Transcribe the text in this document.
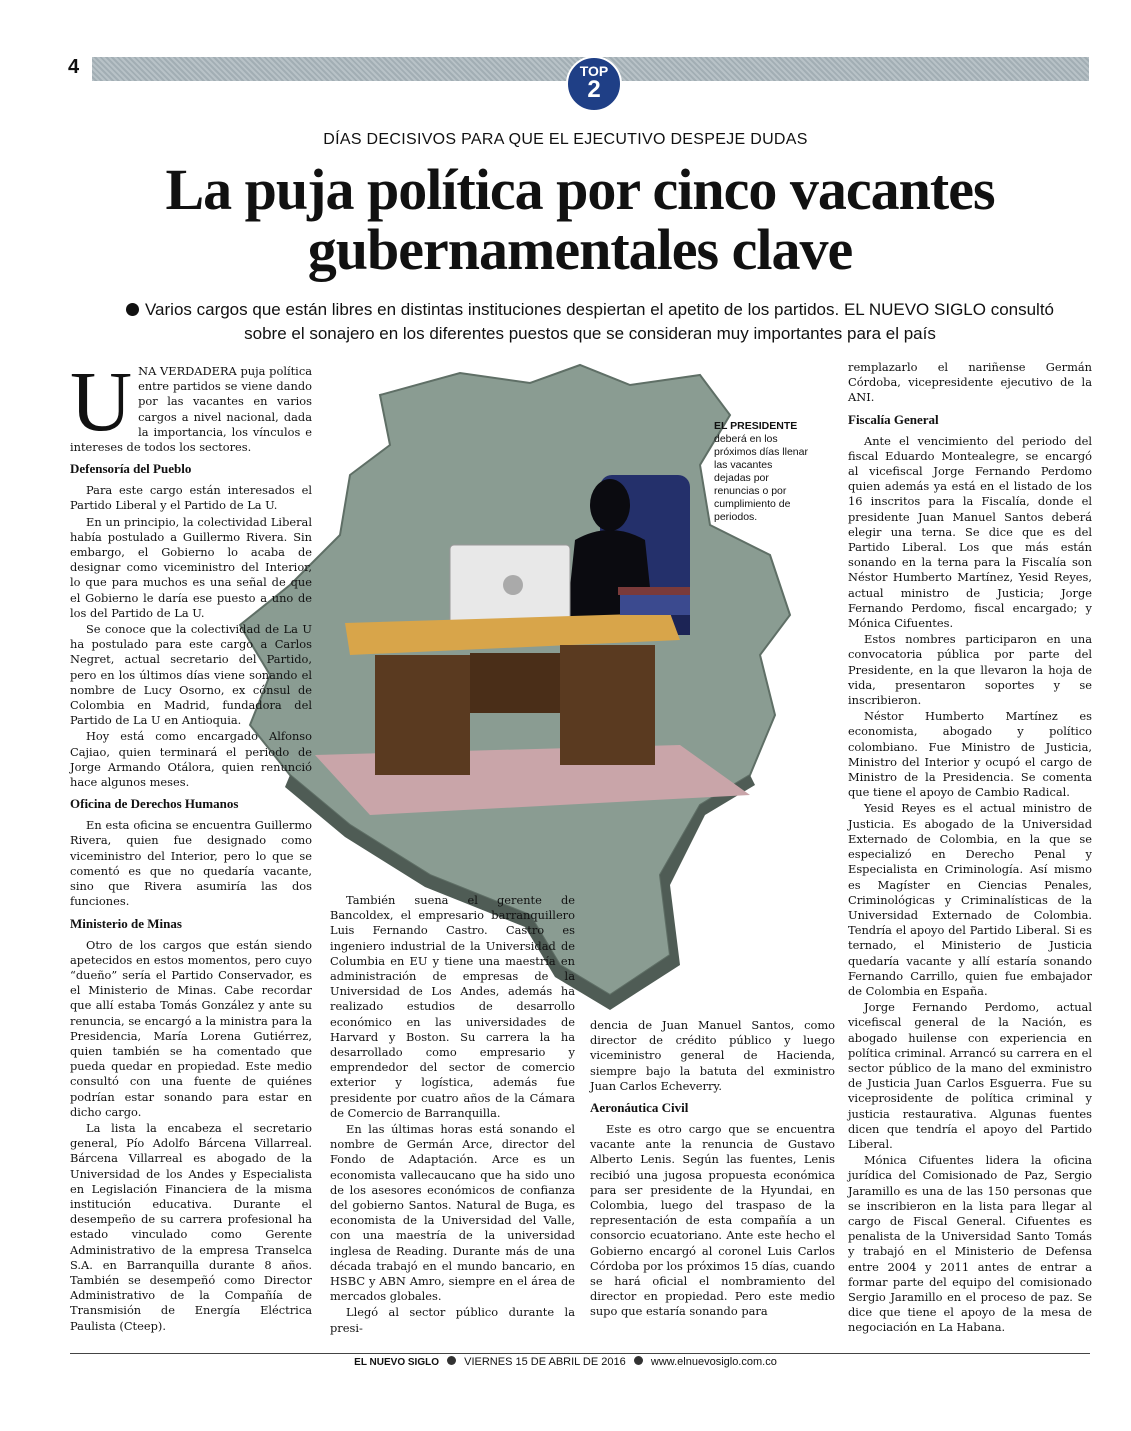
4	TOP
2
DÍAS DECISIVOS PARA QUE EL EJECUTIVO DESPEJE DUDAS
La puja política por cinco vacantes
gubernamentales clave
Varios cargos que están libres en distintas instituciones despiertan el apetito de los partidos. EL NUEVO SIGLO consultó
sobre el sonajero en los diferentes puestos que se consideran muy importantes para el país
EL PRESIDENTE
deberá en los próximos días llenar las vacantes dejadas por renuncias o por cumplimiento de periodos.

UNA VERDADERA puja política entre partidos se viene dando por las vacantes en varios cargos a nivel nacional, dada la importancia, los vínculos e intereses de todos los sectores.

Defensoría del Pueblo

Para este cargo están interesados el Partido Liberal y el Partido de La U.

En un principio, la colectividad Liberal había postulado a Guillermo Rivera. Sin embargo, el Gobierno lo acaba de designar como viceministro del Interior, lo que para muchos es una señal de que el Gobierno le daría ese puesto a uno de los del Partido de La U.

Se conoce que la colectividad de La U ha postulado para este cargo a Carlos Negret, actual secretario del Partido, pero en los últimos días viene sonando el nombre de Lucy Osorno, ex cónsul de Colombia en Madrid, fundadora del Partido de La U en Antioquia.

Hoy está como encargado Alfonso Cajiao, quien terminará el periodo de Jorge Armando Otálora, quien renunció hace algunos meses.

Oficina de Derechos Humanos

En esta oficina se encuentra Guillermo Rivera, quien fue designado como viceministro del Interior, pero lo que se comentó es que no quedaría vacante, sino que Rivera asumiría las dos funciones.

Ministerio de Minas

Otro de los cargos que están siendo apetecidos en estos momentos, pero cuyo “dueño” sería el Partido Conservador, es el Ministerio de Minas. Cabe recordar que allí estaba Tomás González y ante su renuncia, se encargó a la ministra para la Presidencia, María Lorena Gutiérrez, quien también se ha comentado que pueda quedar en propiedad. Este medio consultó con una fuente de quiénes podrían estar sonando para estar en dicho cargo.

La lista la encabeza el secretario general, Pío Adolfo Bárcena Villarreal. Bárcena Villarreal es abogado de la Universidad de los Andes y Especialista en Legislación Financiera de la misma institución educativa. Durante el desempeño de su carrera profesional ha estado vinculado como Gerente Administrativo de la empresa Transelca S.A. en Barranquilla durante 8 años. También se desempeñó como Director Administrativo de la Compañía de Transmisión de Energía Eléctrica Paulista (Cteep).

También suena el gerente de Bancoldex, el empresario barranquillero Luis Fernando Castro. Castro es ingeniero industrial de la Universidad de Columbia en EU y tiene una maestría en administración de empresas de la Universidad de Los Andes, además ha realizado estudios de desarrollo económico en las universidades de Harvard y Boston. Su carrera la ha desarrollado como empresario y emprendedor del sector de comercio exterior y logística, además fue presidente por cuatro años de la Cámara de Comercio de Barranquilla.

En las últimas horas está sonando el nombre de Germán Arce, director del Fondo de Adaptación. Arce es un economista vallecaucano que ha sido uno de los asesores económicos de confianza del gobierno Santos. Natural de Buga, es economista de la Universidad del Valle, con una maestría de la universidad inglesa de Reading. Durante más de una década trabajó en el mundo bancario, en HSBC y ABN Amro, siempre en el área de mercados globales.

Llegó al sector público durante la presi-

dencia de Juan Manuel Santos, como director de crédito público y luego viceministro general de Hacienda, siempre bajo la batuta del exministro Juan Carlos Echeverry.

Aeronáutica Civil

Este es otro cargo que se encuentra vacante ante la renuncia de Gustavo Alberto Lenis. Según las fuentes, Lenis recibió una jugosa propuesta económica para ser presidente de la Hyundai, en Colombia, luego del traspaso de la representación de esta compañía a un consorcio ecuatoriano. Ante este hecho el Gobierno encargó al coronel Luis Carlos Córdoba por los próximos 15 días, cuando se hará oficial el nombramiento del director en propiedad. Pero este medio supo que estaría sonando para

remplazarlo el nariñense Germán Córdoba, vicepresidente ejecutivo de la ANI.

Fiscalía General

Ante el vencimiento del periodo del fiscal Eduardo Montealegre, se encargó al vicefiscal Jorge Fernando Perdomo quien además ya está en el listado de los 16 inscritos para la Fiscalía, donde el presidente Juan Manuel Santos deberá elegir una terna. Se dice que es del Partido Liberal. Los que más están sonando en la terna para la Fiscalía son Néstor Humberto Martínez, Yesid Reyes, actual ministro de Justicia; Jorge Fernando Perdomo, fiscal encargado; y Mónica Cifuentes.

Estos nombres participaron en una convocatoria pública por parte del Presidente, en la que llevaron la hoja de vida, presentaron soportes y se inscribieron.

Néstor Humberto Martínez es economista, abogado y político colombiano. Fue Ministro de Justicia, Ministro del Interior y ocupó el cargo de Ministro de la Presidencia. Se comenta que tiene el apoyo de Cambio Radical.

Yesid Reyes es el actual ministro de Justicia. Es abogado de la Universidad Externado de Colombia, en la que se especializó en Derecho Penal y Especialista en Criminología. Así mismo es Magíster en Ciencias Penales, Criminológicas y Criminalísticas de la Universidad Externado de Colombia. Tendría el apoyo del Partido Liberal. Si es ternado, el Ministerio de Justicia quedaría vacante y allí estaría sonando Fernando Carrillo, quien fue embajador de Colombia en España.

Jorge Fernando Perdomo, actual vicefiscal general de la Nación, es abogado huilense con experiencia en política criminal. Arrancó su carrera en el sector público de la mano del exministro de Justicia Juan Carlos Esguerra. Fue su viceprosidente de política criminal y justicia restaurativa. Algunas fuentes dicen que tendría el apoyo del Partido Liberal.

Mónica Cifuentes lidera la oficina jurídica del Comisionado de Paz, Sergio Jaramillo es una de las 150 personas que se inscribieron en la lista para llegar al cargo de Fiscal General. Cifuentes es penalista de la Universidad Santo Tomás y trabajó en el Ministerio de Defensa entre 2004 y 2011 antes de entrar a formar parte del equipo del comisionado Sergio Jaramillo en el proceso de paz. Se dice que tiene el apoyo de la mesa de negociación en La Habana.

EL NUEVO SIGLO VIERNES 15 DE ABRIL DE 2016 www.elnuevosiglo.com.co
